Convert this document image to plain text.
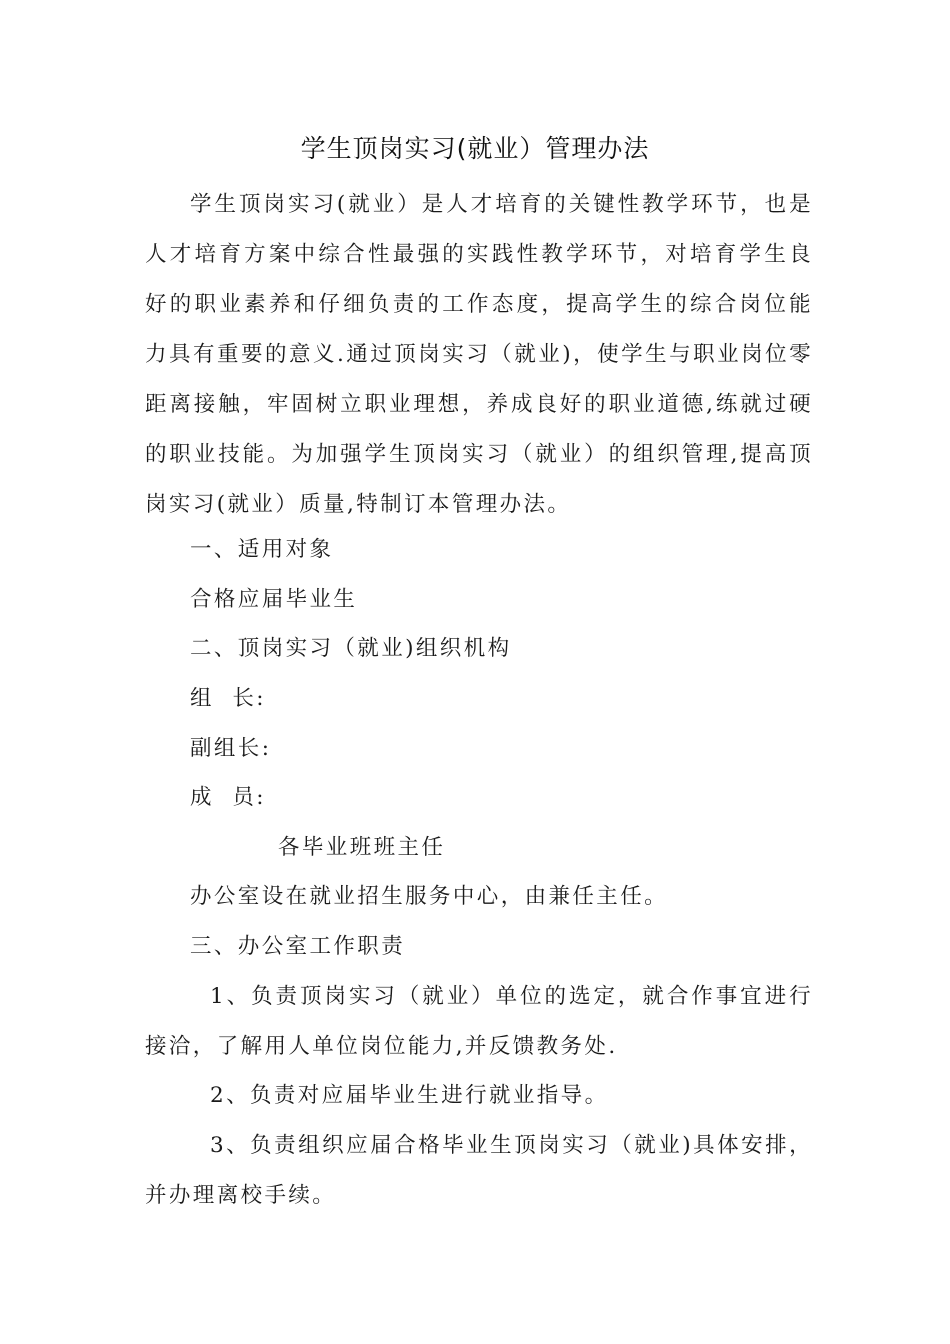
学生顶岗实习(就业）管理办法

学生顶岗实习(就业）是人才培育的关键性教学环节，也是人才培育方案中综合性最强的实践性教学环节，对培育学生良好的职业素养和仔细负责的工作态度，提高学生的综合岗位能力具有重要的意义.通过顶岗实习（就业)，使学生与职业岗位零距离接触，牢固树立职业理想，养成良好的职业道德,练就过硬的职业技能。为加强学生顶岗实习（就业）的组织管理,提高顶岗实习(就业）质量,特制订本管理办法。

一、适用对象
合格应届毕业生
二、顶岗实习（就业)组织机构
组  长:
副组长:
成  员:
各毕业班班主任
办公室设在就业招生服务中心，由兼任主任。
三、办公室工作职责

1、负责顶岗实习（就业）单位的选定，就合作事宜进行接洽，了解用人单位岗位能力,并反馈教务处.

2、负责对应届毕业生进行就业指导。

3、负责组织应届合格毕业生顶岗实习（就业)具体安排，并办理离校手续。
